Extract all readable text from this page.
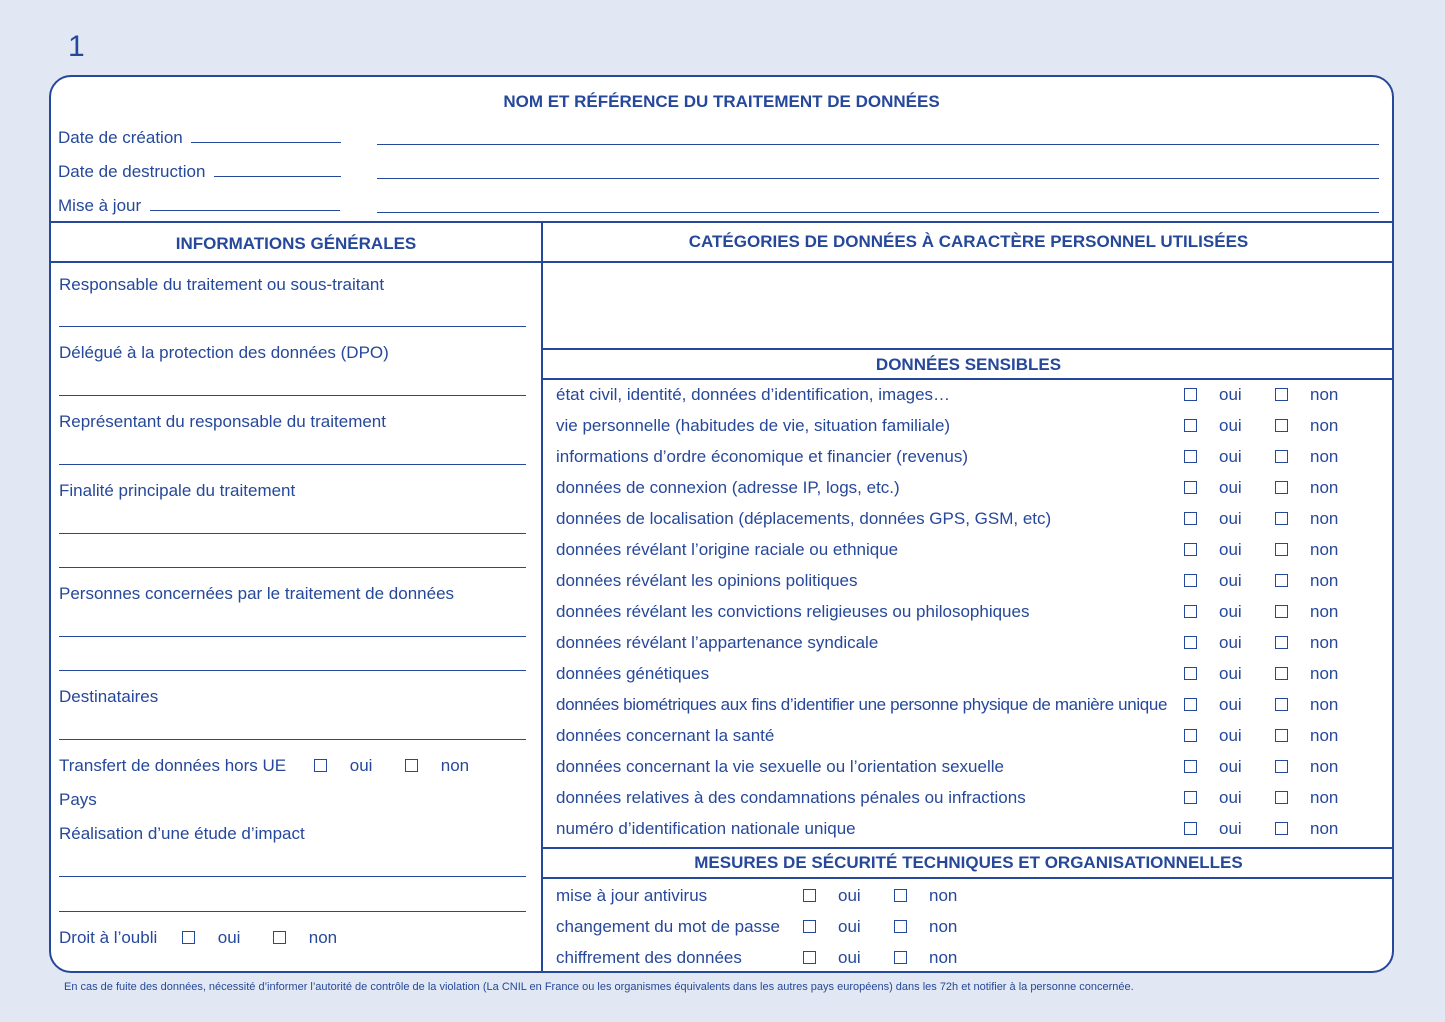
1
NOM ET RÉFÉRENCE DU TRAITEMENT DE DONNÉES
Date de création
Date de destruction
Mise à jour
INFORMATIONS GÉNÉRALES
Responsable du traitement ou sous-traitant
Délégué à la protection des données (DPO)
Représentant du responsable du traitement
Finalité principale du traitement
Personnes concernées par le traitement de données
Destinataires
Transfert de données hors UE	oui	non
Pays
Réalisation d’une étude d’impact
Droit à l’oubli	oui	non
CATÉGORIES DE DONNÉES À CARACTÈRE PERSONNEL UTILISÉES
DONNÉES SENSIBLES
état civil, identité, données d’identification, images…	oui	non
vie personnelle (habitudes de vie, situation familiale)	oui	non
informations d’ordre économique et financier (revenus)	oui	non
données de connexion (adresse IP, logs, etc.)	oui	non
données de localisation (déplacements, données GPS, GSM, etc)	oui	non
données révélant l’origine raciale ou ethnique	oui	non
données révélant les opinions politiques	oui	non
données révélant les convictions religieuses ou philosophiques	oui	non
données révélant l’appartenance syndicale	oui	non
données génétiques	oui	non
données biométriques aux fins d’identifier une personne physique de manière unique	oui	non
données concernant la santé	oui	non
données concernant la vie sexuelle ou l’orientation sexuelle	oui	non
données relatives à des condamnations pénales ou infractions	oui	non
numéro d’identification nationale unique	oui	non
MESURES DE SÉCURITÉ TECHNIQUES ET ORGANISATIONNELLES
mise à jour antivirus	oui	non
changement du mot de passe	oui	non
chiffrement des données	oui	non
En cas de fuite des données, nécessité d’informer l’autorité de contrôle de la violation (La CNIL en France ou les organismes équivalents dans les autres pays européens) dans les 72h et notifier à la personne concernée.
